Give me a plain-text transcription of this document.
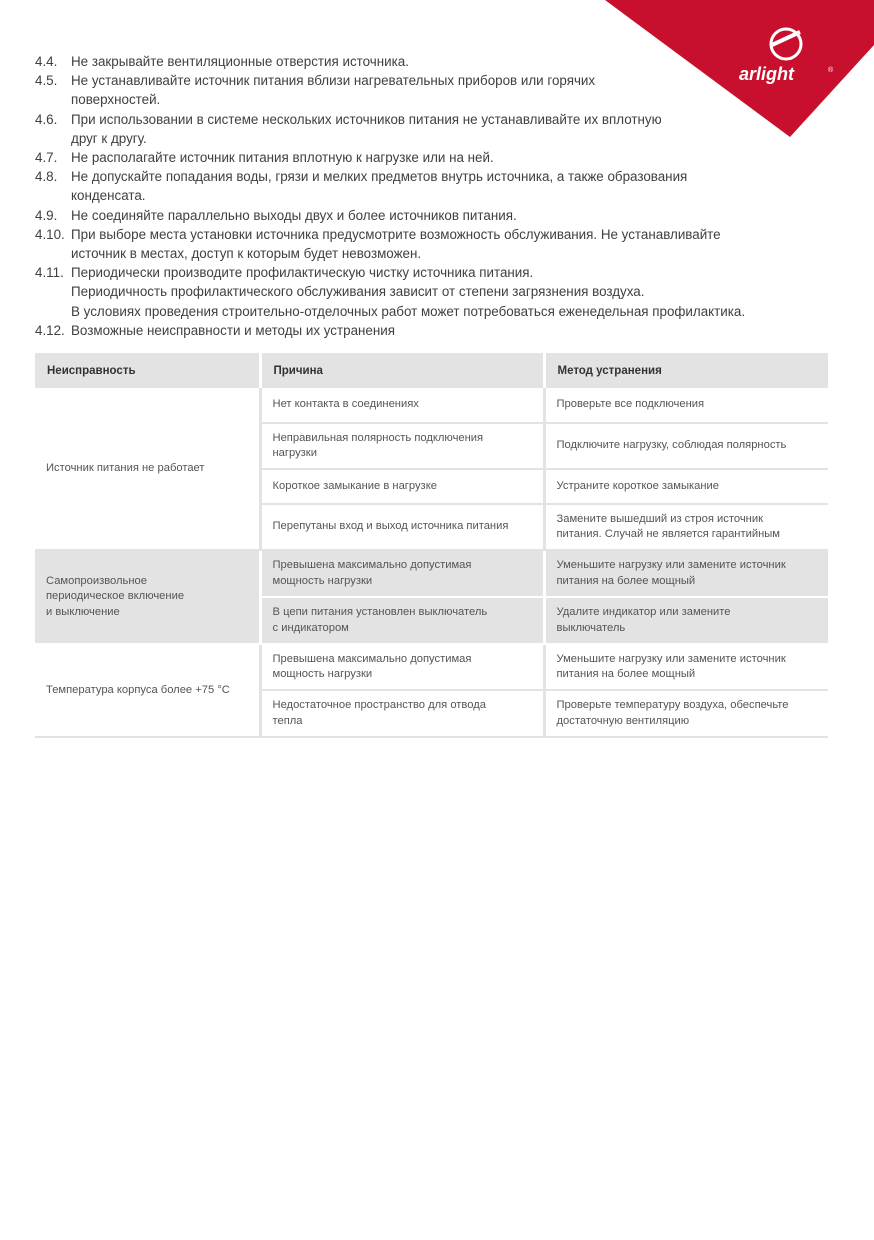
arlight	®
4.4.	Не закрывайте вентиляционные отверстия источника.
4.5.	Не устанавливайте источник питания вблизи нагревательных приборов или горячих
поверхностей.
4.6.	При использовании в системе нескольких источников питания не устанавливайте их вплотную
друг к другу.
4.7.	Не располагайте источник питания вплотную к нагрузке или на ней.
4.8.	Не допускайте попадания воды, грязи и мелких предметов внутрь источника, а также образования
конденсата.
4.9.	Не соединяйте параллельно выходы двух и более источников питания.
4.10. При выборе места установки источника предусмотрите возможность обслуживания. Не устанавливайте
источник в местах, доступ к которым будет невозможен.
4.11. Периодически производите профилактическую чистку источника питания.
Периодичность профилактического обслуживания зависит от степени загрязнения воздуха.
В условиях проведения строительно-отделочных работ может потребоваться еженедельная профилактика.
4.12. Возможные неисправности и методы их устранения
Неисправность	Причина	Метод устранения

Источник питания не работает	Нет контакта в соединениях	Проверьте все подключения

	Неправильная полярность подключения
нагрузки	Подключите нагрузку, соблюдая полярность

	Короткое замыкание в нагрузке	Устраните короткое замыкание

	Перепутаны вход и выход источника питания	Замените вышедший из строя источник
питания. Случай не является гарантийным

Самопроизвольное
периодическое включение
и выключение	Превышена максимально допустимая
мощность нагрузки	Уменьшите нагрузку или замените источник
питания на более мощный

	В цепи питания установлен выключатель
с индикатором	Удалите индикатор или замените
выключатель

Температура корпуса более +75 °С	Превышена максимально допустимая
мощность нагрузки	Уменьшите нагрузку или замените источник
питания на более мощный

	Недостаточное пространство для отвода
тепла	Проверьте температуру воздуха, обеспечьте
достаточную вентиляцию
